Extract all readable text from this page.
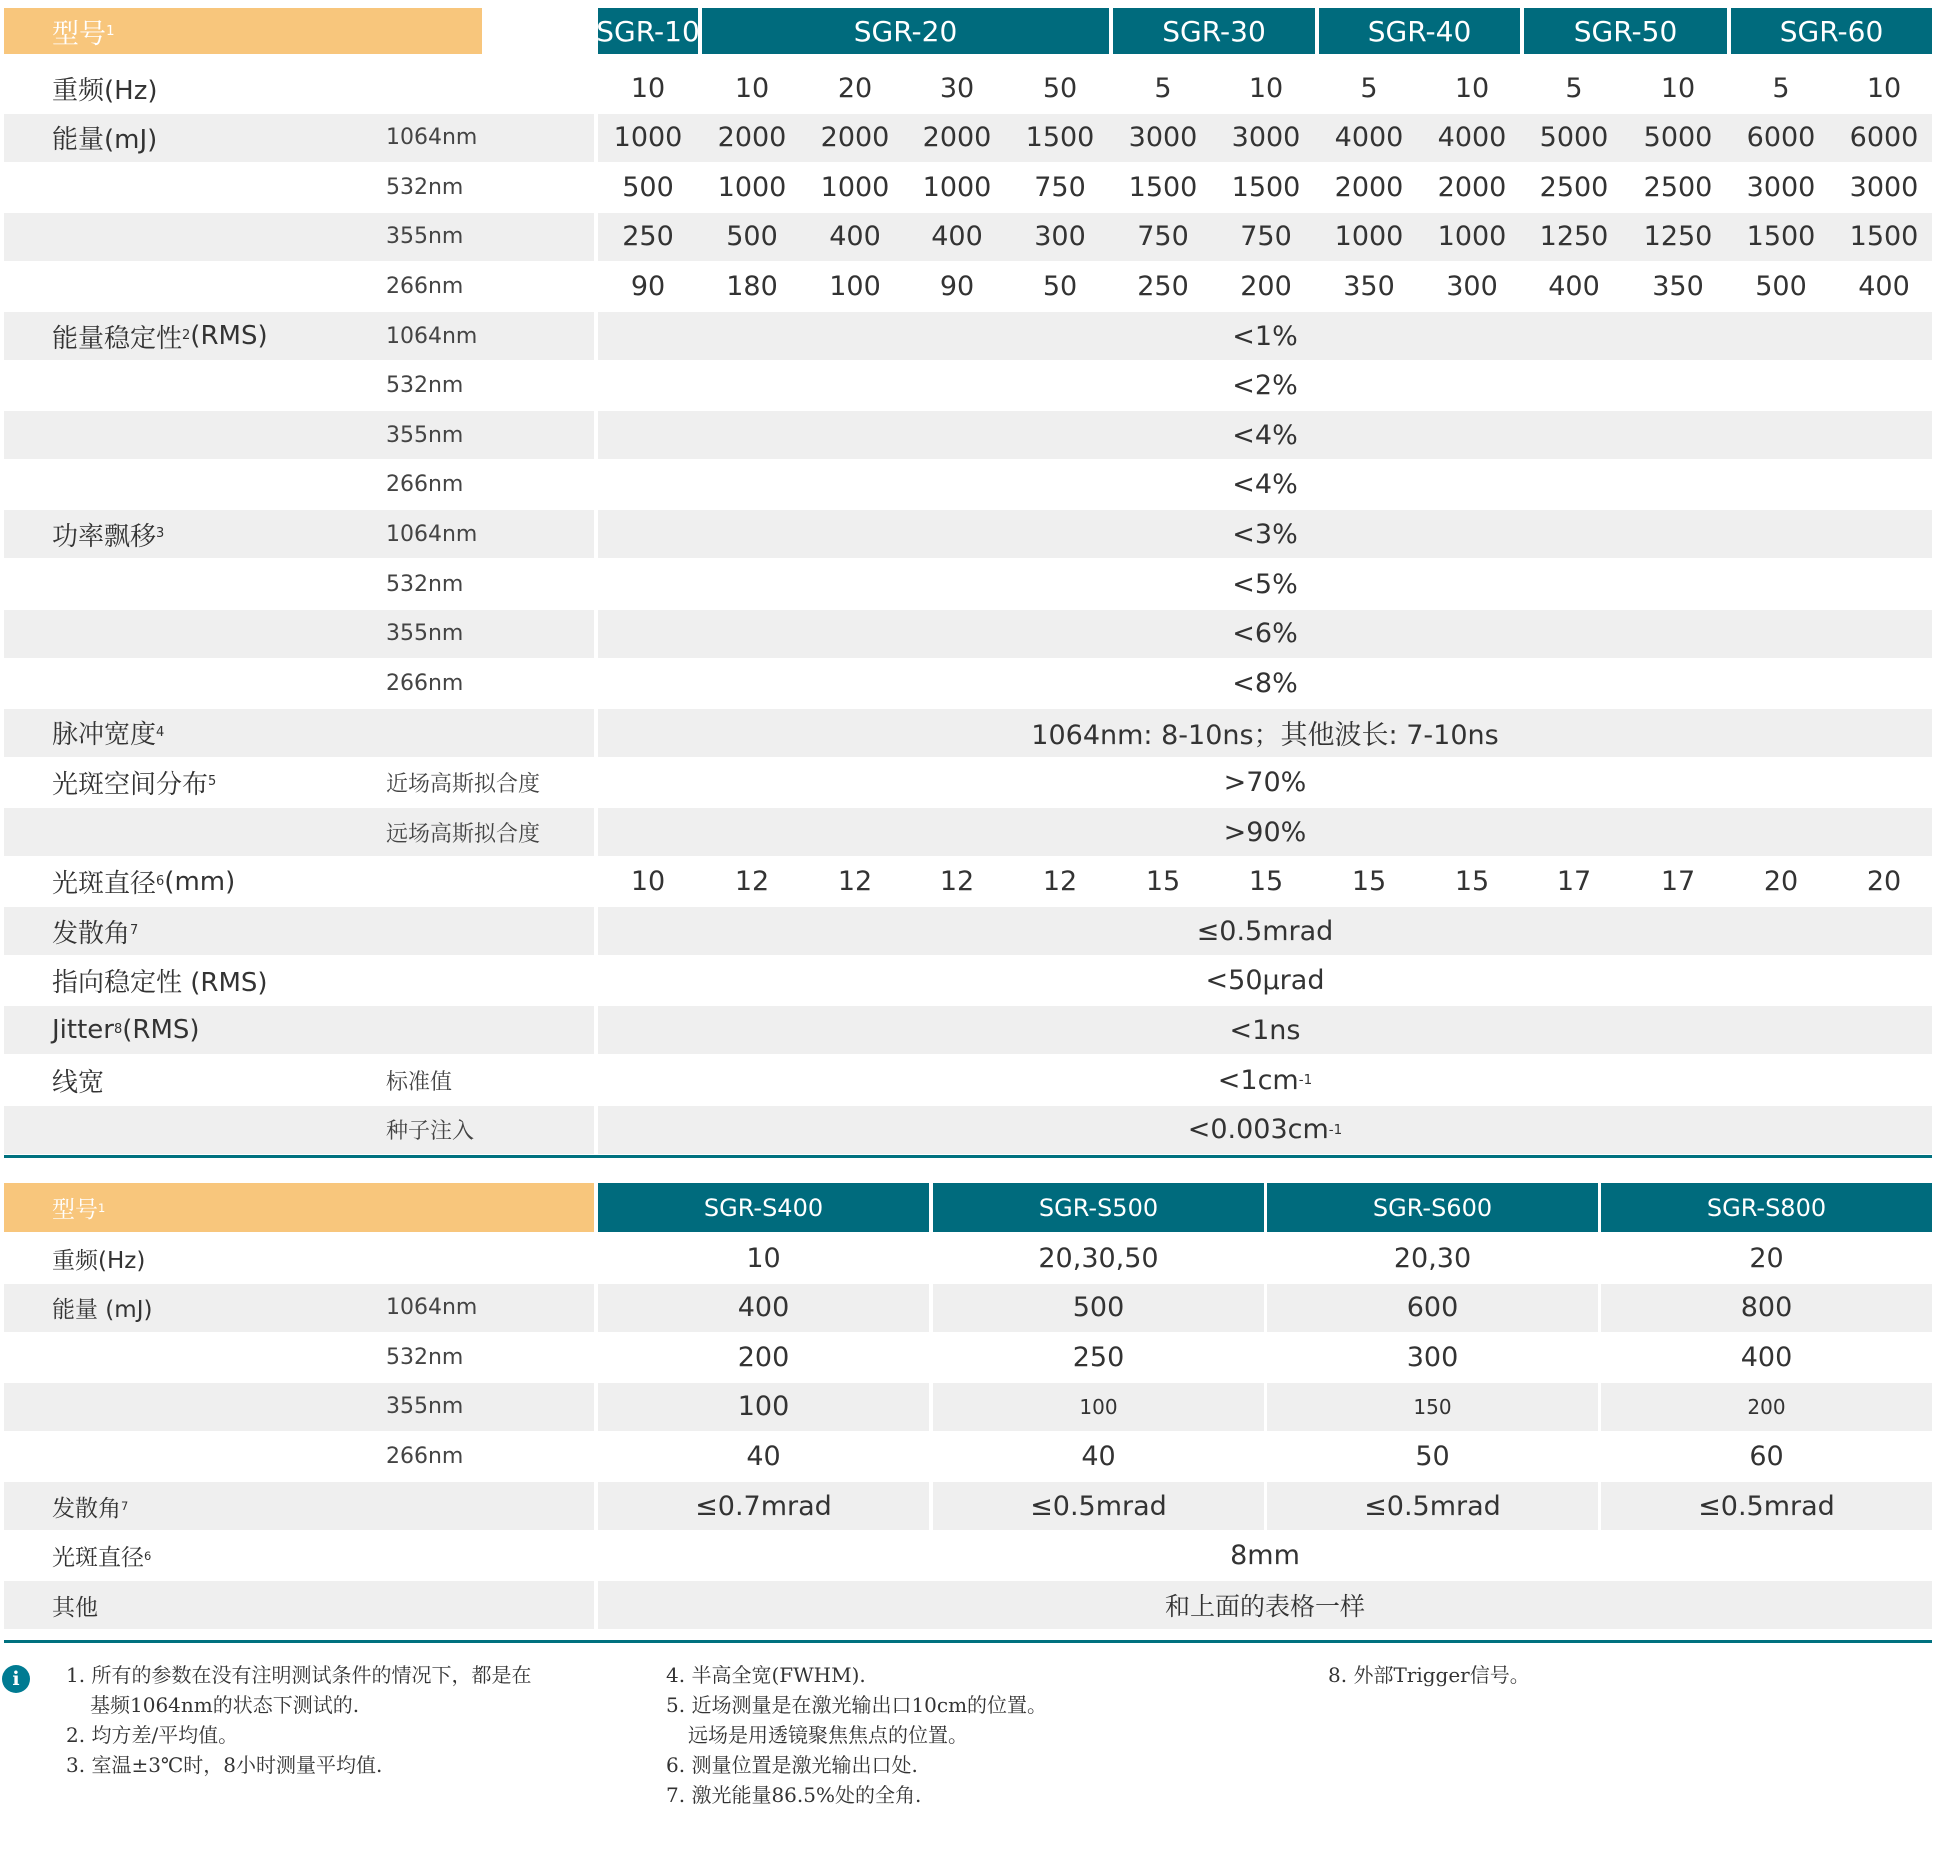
型号 1	SGR-10	SGR-20	SGR-30	SGR-40	SGR-50	SGR-60
重频(Hz)	10	10	20	30	50	5	10	5	10	5	10	5	10
能量(mJ)	1064nm	1000 2000 2000 2000 1500 3000 3000 4000 4000 5000 5000 6000 6000
532nm	500 1000 1000 1000 750 1500 1500 2000 2000 2500 2500 3000 3000
355nm	250 500 400 400 300 750 750 1000 1000 1250 1250 1500 1500
266nm	90 180 100 90	50 250 200 350 300 400 350 500 400
能量稳定性 2 (RMS)	1064nm	<1%
532nm	<2%
355nm	<4%
266nm	<4%
功率飘移 3	1064nm	<3%
532nm	<5%
355nm	<6%
266nm	<8%
脉冲宽度 4	1064nm: 8-10ns；其他波长: 7-10ns
光斑空间分布 5	近场高斯拟合度	>70%
远场高斯拟合度	>90%
光斑直径 6 (mm)	10	12	12	12	12	15	15	15	15	17	17	20	20
发散角 7	≤0.5mrad
指向稳定性 (RMS)	<50μrad
Jitter 8 (RMS)	<1ns
线宽	标准值	<1cm -1
种子注入	<0.003cm -1
型号 1	SGR-S400	SGR-S500	SGR-S600	SGR-S800
重频(Hz)	10	20,30,50	20,30	20
能量 (mJ)	1064nm	400	500	600	800
532nm	200	250	300	400
355nm	100	100	150	200
266nm	40	40	50	60
发散角 7	≤0.7mrad	≤0.5mrad	≤0.5mrad	≤0.5mrad
光斑直径 6	8mm
其他	和上面的表格一样
i	1. 所有的参数在没有注明测试条件的情况下，都是在
基频1064nm的状态下测试的.
2. 均方差/平均值。
3. 室温±3℃时，8小时测量平均值.
4. 半高全宽(FWHM).
5. 近场测量是在激光输出口10cm的位置。
远场是用透镜聚焦焦点的位置。
6. 测量位置是激光输出口处.
7. 激光能量86.5%处的全角.
8. 外部Trigger信号。
